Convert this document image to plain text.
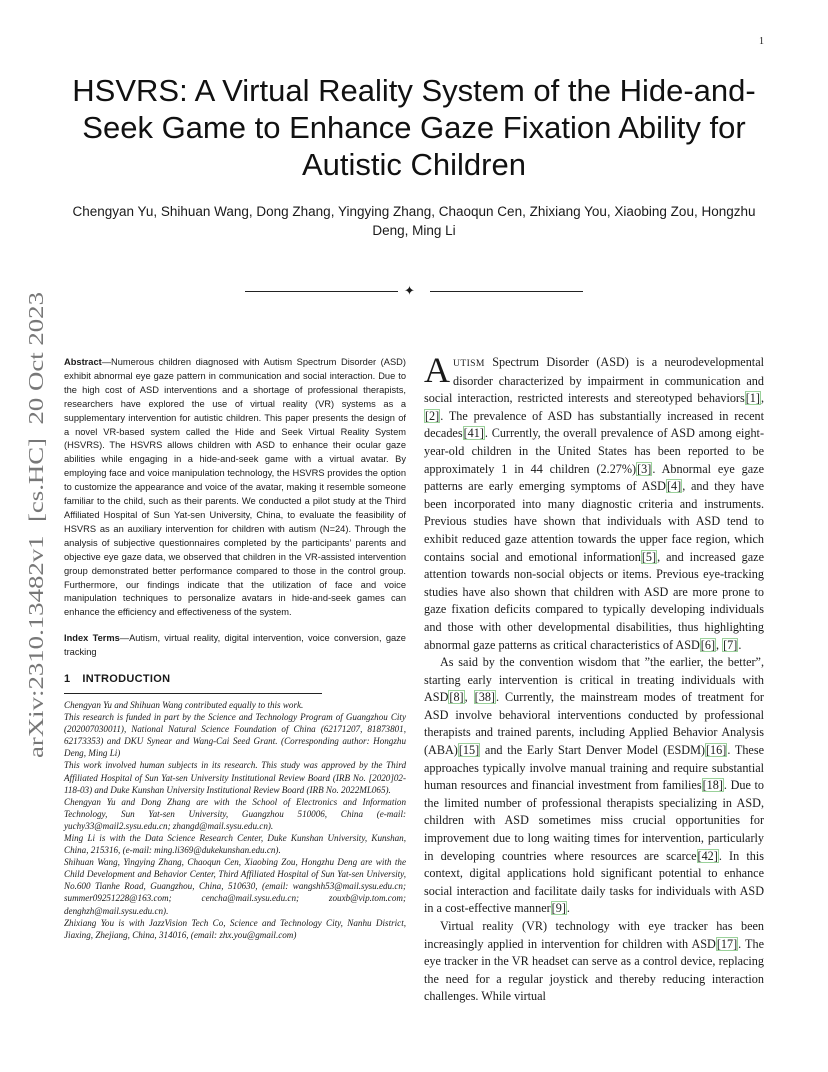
1
arXiv:2310.13482v1  [cs.HC]  20 Oct 2023
HSVRS: A Virtual Reality System of the Hide-and-Seek Game to Enhance Gaze Fixation Ability for Autistic Children
Chengyan Yu, Shihuan Wang, Dong Zhang, Yingying Zhang, Chaoqun Cen, Zhixiang You, Xiaobing Zou, Hongzhu Deng, Ming Li
✦

Abstract—Numerous children diagnosed with Autism Spectrum Disorder (ASD) exhibit abnormal eye gaze pattern in communication and social interaction. Due to the high cost of ASD interventions and a shortage of professional therapists, researchers have explored the use of virtual reality (VR) systems as a supplementary intervention for autistic children. This paper presents the design of a novel VR-based system called the Hide and Seek Virtual Reality System (HSVRS). The HSVRS allows children with ASD to enhance their ocular gaze abilities while engaging in a hide-and-seek game with a virtual avatar. By employing face and voice manipulation technology, the HSVRS provides the option to customize the appearance and voice of the avatar, making it resemble someone familiar to the child, such as their parents. We conducted a pilot study at the Third Affiliated Hospital of Sun Yat-sen University, China, to evaluate the feasibility of HSVRS as an auxiliary intervention for children with autism (N=24). Through the analysis of subjective questionnaires completed by the participants’ parents and objective eye gaze data, we observed that children in the VR-assisted intervention group demonstrated better performance compared to those in the control group. Furthermore, our findings indicate that the utilization of face and voice manipulation techniques to personalize avatars in hide-and-seek games can enhance the efficiency and effectiveness of the system.

Index Terms—Autism, virtual reality, digital intervention, voice conversion, gaze tracking

1 INTRODUCTION

Chengyan Yu and Shihuan Wang contributed equally to this work.

This research is funded in part by the Science and Technology Program of Guangzhou City (202007030011), National Natural Science Foundation of China (62171207, 81873801, 62173353) and DKU Synear and Wang-Cai Seed Grant. (Corresponding author: Hongzhu Deng, Ming Li)

This work involved human subjects in its research. This study was approved by the Third Affiliated Hospital of Sun Yat-sen University Institutional Review Board (IRB No. [2020]02-118-03) and Duke Kunshan University Institutional Review Board (IRB No. 2022ML065).

Chengyan Yu and Dong Zhang are with the School of Electronics and Information Technology, Sun Yat-sen University, Guangzhou 510006, China (e-mail: yuchy33@mail2.sysu.edu.cn; zhangd@mail.sysu.edu.cn).

Ming Li is with the Data Science Research Center, Duke Kunshan University, Kunshan, China, 215316, (e-mail: ming.li369@dukekunshan.edu.cn).

Shihuan Wang, Yingying Zhang, Chaoqun Cen, Xiaobing Zou, Hongzhu Deng are with the Child Development and Behavior Center, Third Affiliated Hospital of Sun Yat-sen University, No.600 Tianhe Road, Guangzhou, China, 510630, (email: wangshh53@mail.sysu.edu.cn; summer09251228@163.com; cencha@mail.sysu.edu.cn; zouxb@vip.tom.com; denghzh@mail.sysu.edu.cn).

Zhixiang You is with JazzVision Tech Co, Science and Technology City, Nanhu District, Jiaxing, Zhejiang, China, 314016, (email: zhx.you@gmail.com)

AUTISM Spectrum Disorder (ASD) is a neurodevelopmental disorder characterized by impairment in communication and social interaction, restricted interests and stereotyped behaviors[1], [2]. The prevalence of ASD has substantially increased in recent decades[41]. Currently, the overall prevalence of ASD among eight-year-old children in the United States has been reported to be approximately 1 in 44 children (2.27%)[3]. Abnormal eye gaze patterns are early emerging symptoms of ASD[4], and they have been incorporated into many diagnostic criteria and instruments. Previous studies have shown that individuals with ASD tend to exhibit reduced gaze attention towards the upper face region, which contains social and emotional information[5], and increased gaze attention towards non-social objects or items. Previous eye-tracking studies have also shown that children with ASD are more prone to gaze fixation deficits compared to typically developing individuals and those with other developmental disabilities, thus highlighting abnormal gaze patterns as critical characteristics of ASD[6], [7].

As said by the convention wisdom that ”the earlier, the better”, starting early intervention is critical in treating individuals with ASD[8], [38]. Currently, the mainstream modes of treatment for ASD involve behavioral interventions conducted by professional therapists and trained parents, including Applied Behavior Analysis (ABA)[15] and the Early Start Denver Model (ESDM)[16]. These approaches typically involve manual training and require substantial human resources and financial investment from families[18]. Due to the limited number of professional therapists specializing in ASD, children with ASD sometimes miss crucial opportunities for improvement due to long waiting times for intervention, particularly in developing countries where resources are scarce[42]. In this context, digital applications hold significant potential to enhance social interaction and facilitate daily tasks for individuals with ASD in a cost-effective manner[9].

Virtual reality (VR) technology with eye tracker has been increasingly applied in intervention for children with ASD[17]. The eye tracker in the VR headset can serve as a control device, replacing the need for a regular joystick and thereby reducing interaction challenges. While virtual
